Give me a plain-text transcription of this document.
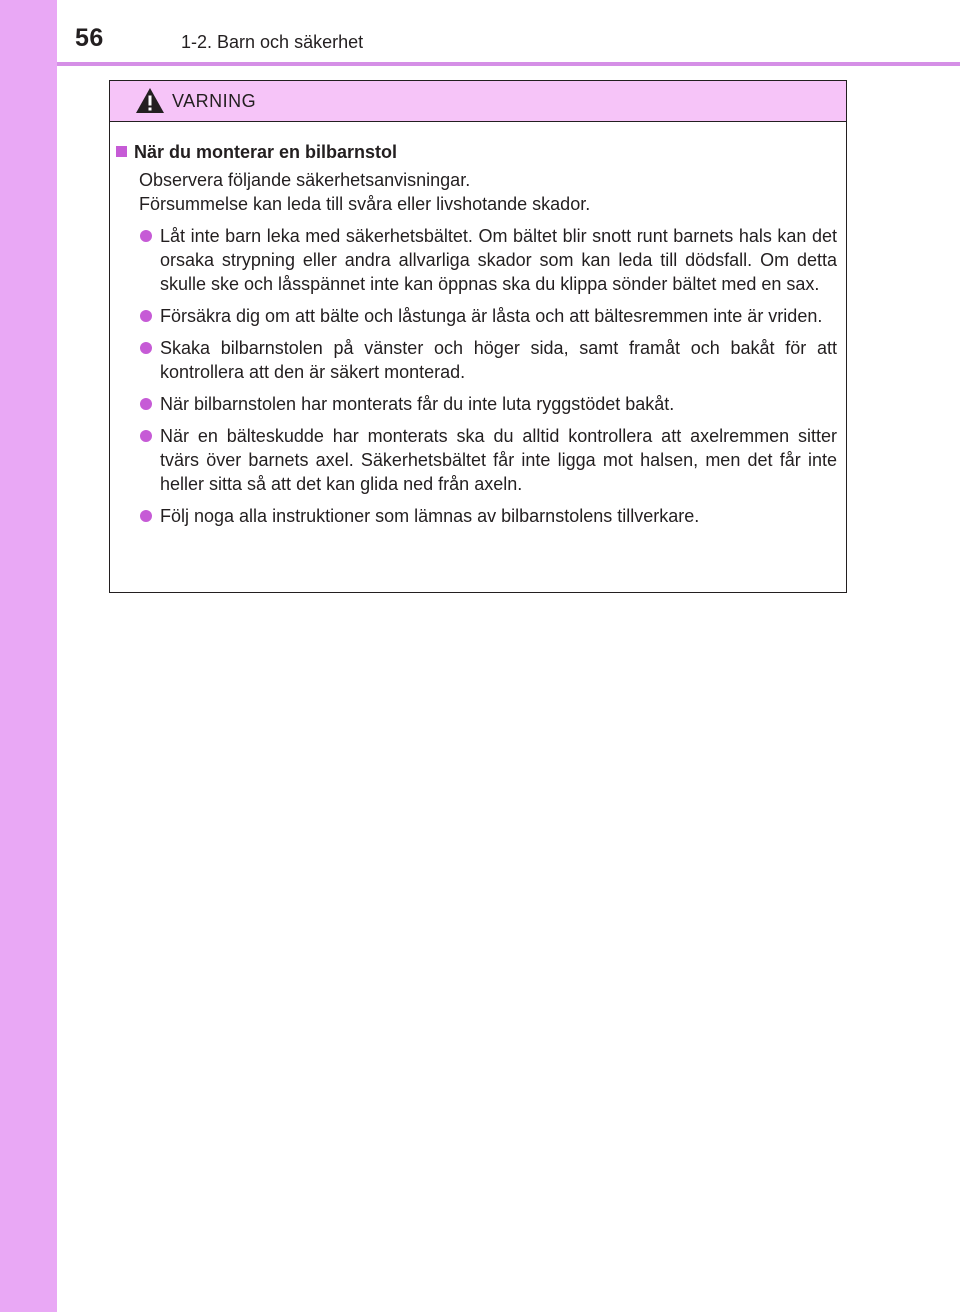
56	1-2. Barn och säkerhet
VARNING
När du monterar en bilbarnstol

Observera följande säkerhetsanvisningar.

Försummelse kan leda till svåra eller livshotande skador.

Låt inte barn leka med säkerhetsbältet. Om bältet blir snott runt barnets hals kan det orsaka strypning eller andra allvarliga skador som kan leda till dödsfall. Om detta skulle ske och låsspännet inte kan öppnas ska du klippa sönder bältet med en sax.
Försäkra dig om att bälte och låstunga är låsta och att bältesremmen inte är vriden.
Skaka bilbarnstolen på vänster och höger sida, samt framåt och bakåt för att kontrollera att den är säkert monterad.
När bilbarnstolen har monterats får du inte luta ryggstödet bakåt.
När en bälteskudde har monterats ska du alltid kontrollera att axelremmen sitter tvärs över barnets axel. Säkerhetsbältet får inte ligga mot halsen, men det får inte heller sitta så att det kan glida ned från axeln.
Följ noga alla instruktioner som lämnas av bilbarnstolens tillverkare.
